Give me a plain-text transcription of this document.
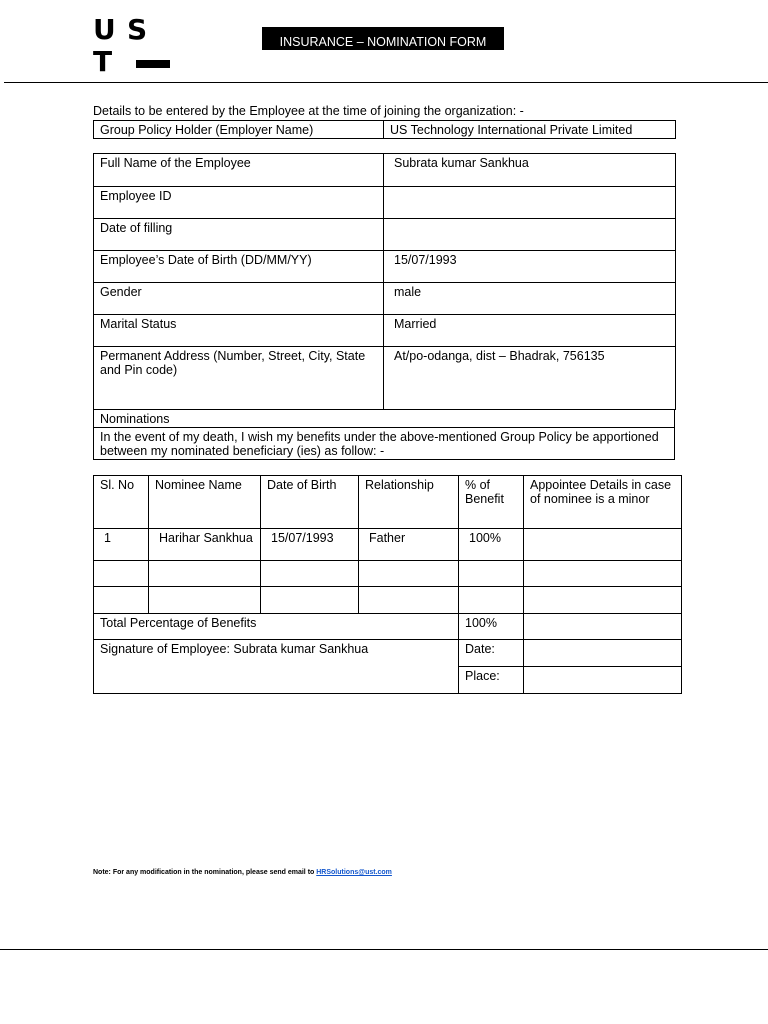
U S
T
INSURANCE – NOMINATION FORM
Details to be entered by the Employee at the time of joining the organization: -
Group Policy Holder (Employer Name)	US Technology International Private Limited
Full Name of the Employee	Subrata kumar Sankhua
Employee ID	
Date of filling	
Employee’s Date of Birth (DD/MM/YY)	15/07/1993
Gender	male
Marital Status	Married
Permanent Address (Number, Street, City, State and Pin code)	At/po-odanga, dist – Bhadrak, 756135
Nominations
In the event of my death, I wish my benefits under the above-mentioned Group Policy be apportioned between my nominated beneficiary (ies) as follow: -
Sl. No	Nominee Name	Date of Birth	Relationship	% of Benefit	Appointee Details in case of nominee is a minor
1	Harihar Sankhua	15/07/1993	Father	100%	

Total Percentage of Benefits				100%	
Signature of Employee: Subrata kumar Sankhua				Date:	
				Place:	
Note: For any modification in the nomination, please send email to HRSolutions@ust.com
